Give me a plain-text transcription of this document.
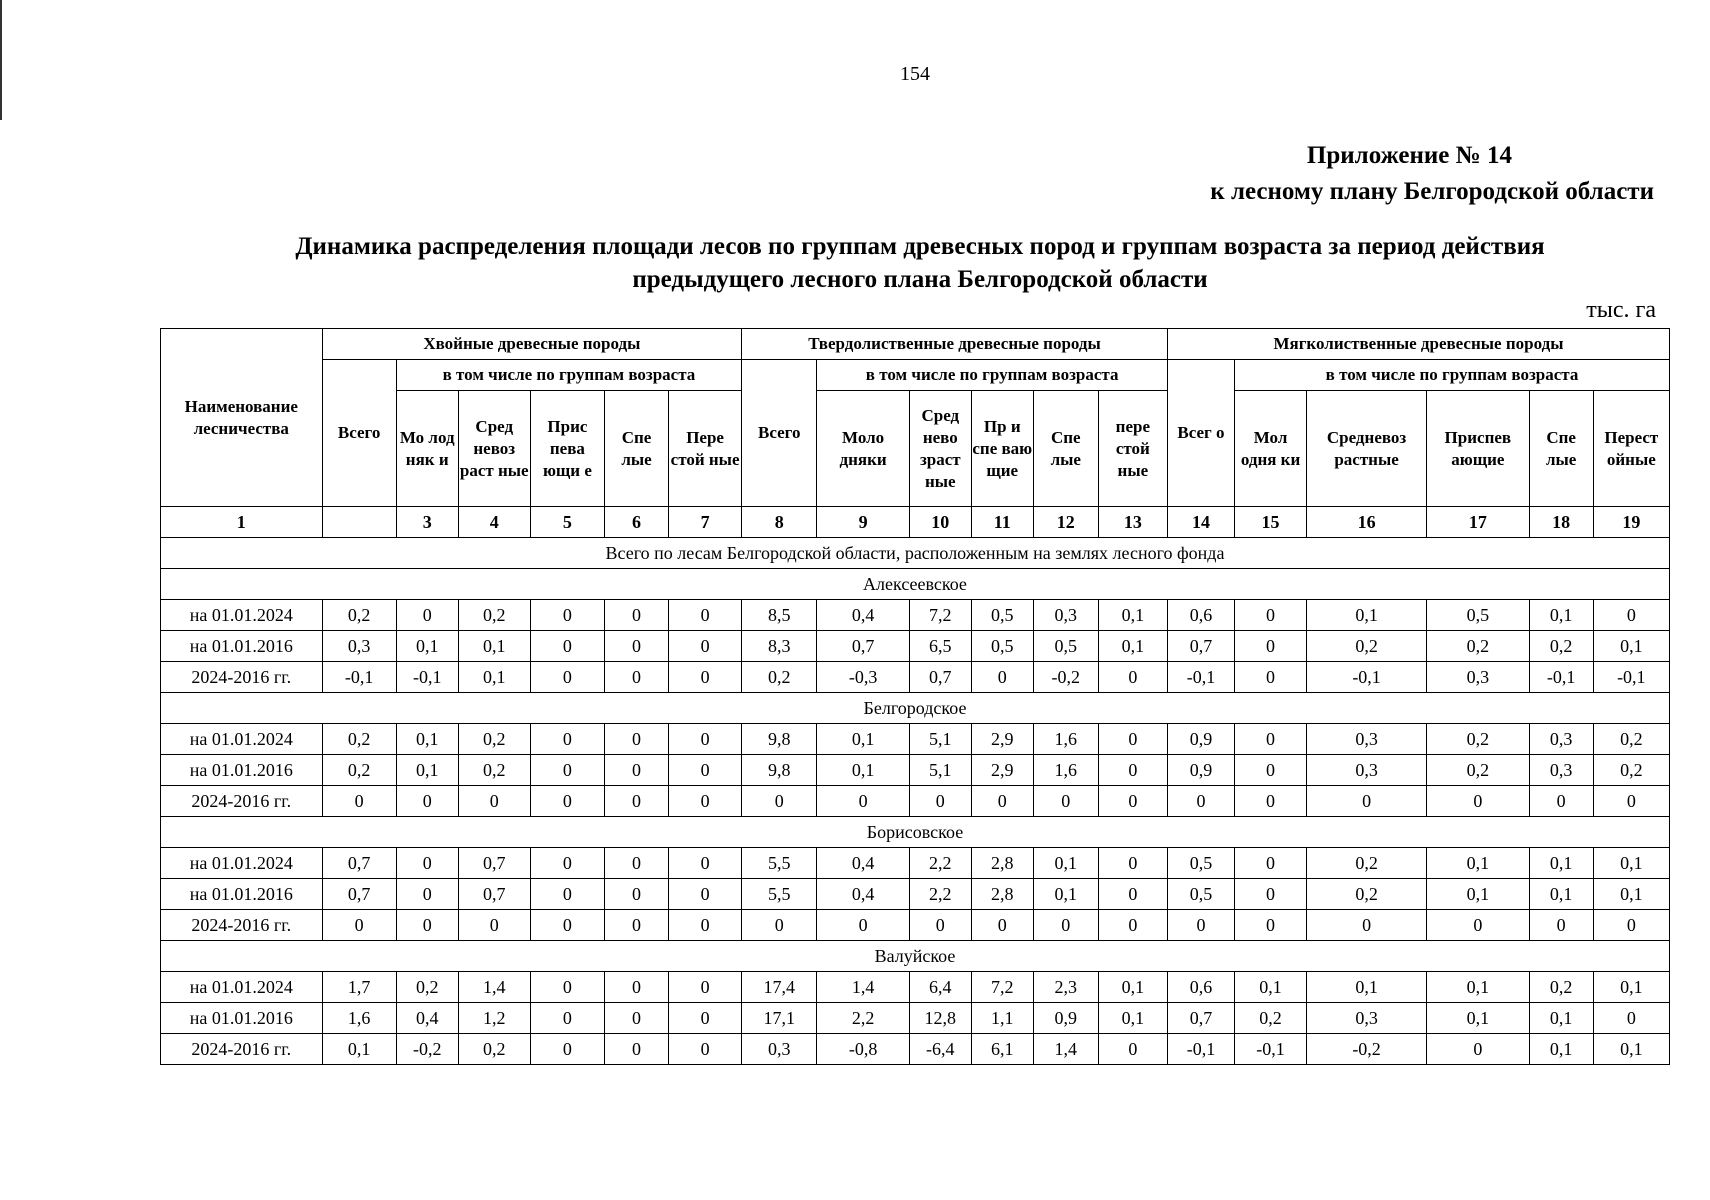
154
Приложение № 14
к лесному плану Белгородской области
Динамика распределения площади лесов по группам древесных пород и группам возраста за период действия
предыдущего лесного плана Белгородской области
тыс. га
Наименование лесничества	Хвойные древесные породы						Твердолиственные древесные породы						Мягколиственные древесные породы					
	Всего	в том числе по группам возраста					Всего	в том числе по группам возраста					Всег о	в том числе по группам возраста				
		Мо лод няк и	Сред невоз раст ные	Прис пева ющи е	Спе лые	Пере стой ные		Моло дняки	Сред нево зраст ные	Пр и спе ваю щие	Спе лые	пере стой ные		Мол одня ки	Средневоз растные	Приспев ающие	Спе лые	Перест ойные
1		3	4	5	6	7	8	9	10	11	12	13	14	15	16	17	18	19
Всего по лесам Белгородской области, расположенным на землях лесного фонда																		
Алексеевское																		
на 01.01.2024	0,2	0	0,2	0	0	0	8,5	0,4	7,2	0,5	0,3	0,1	0,6	0	0,1	0,5	0,1	0
на 01.01.2016	0,3	0,1	0,1	0	0	0	8,3	0,7	6,5	0,5	0,5	0,1	0,7	0	0,2	0,2	0,2	0,1
2024-2016 гг.	-0,1	-0,1	0,1	0	0	0	0,2	-0,3	0,7	0	-0,2	0	-0,1	0	-0,1	0,3	-0,1	-0,1
Белгородское																		
на 01.01.2024	0,2	0,1	0,2	0	0	0	9,8	0,1	5,1	2,9	1,6	0	0,9	0	0,3	0,2	0,3	0,2
на 01.01.2016	0,2	0,1	0,2	0	0	0	9,8	0,1	5,1	2,9	1,6	0	0,9	0	0,3	0,2	0,3	0,2
2024-2016 гг.	0	0	0	0	0	0	0	0	0	0	0	0	0	0	0	0	0	0
Борисовское																		
на 01.01.2024	0,7	0	0,7	0	0	0	5,5	0,4	2,2	2,8	0,1	0	0,5	0	0,2	0,1	0,1	0,1
на 01.01.2016	0,7	0	0,7	0	0	0	5,5	0,4	2,2	2,8	0,1	0	0,5	0	0,2	0,1	0,1	0,1
2024-2016 гг.	0	0	0	0	0	0	0	0	0	0	0	0	0	0	0	0	0	0
Валуйское																		
на 01.01.2024	1,7	0,2	1,4	0	0	0	17,4	1,4	6,4	7,2	2,3	0,1	0,6	0,1	0,1	0,1	0,2	0,1
на 01.01.2016	1,6	0,4	1,2	0	0	0	17,1	2,2	12,8	1,1	0,9	0,1	0,7	0,2	0,3	0,1	0,1	0
2024-2016 гг.	0,1	-0,2	0,2	0	0	0	0,3	-0,8	-6,4	6,1	1,4	0	-0,1	-0,1	-0,2	0	0,1	0,1
